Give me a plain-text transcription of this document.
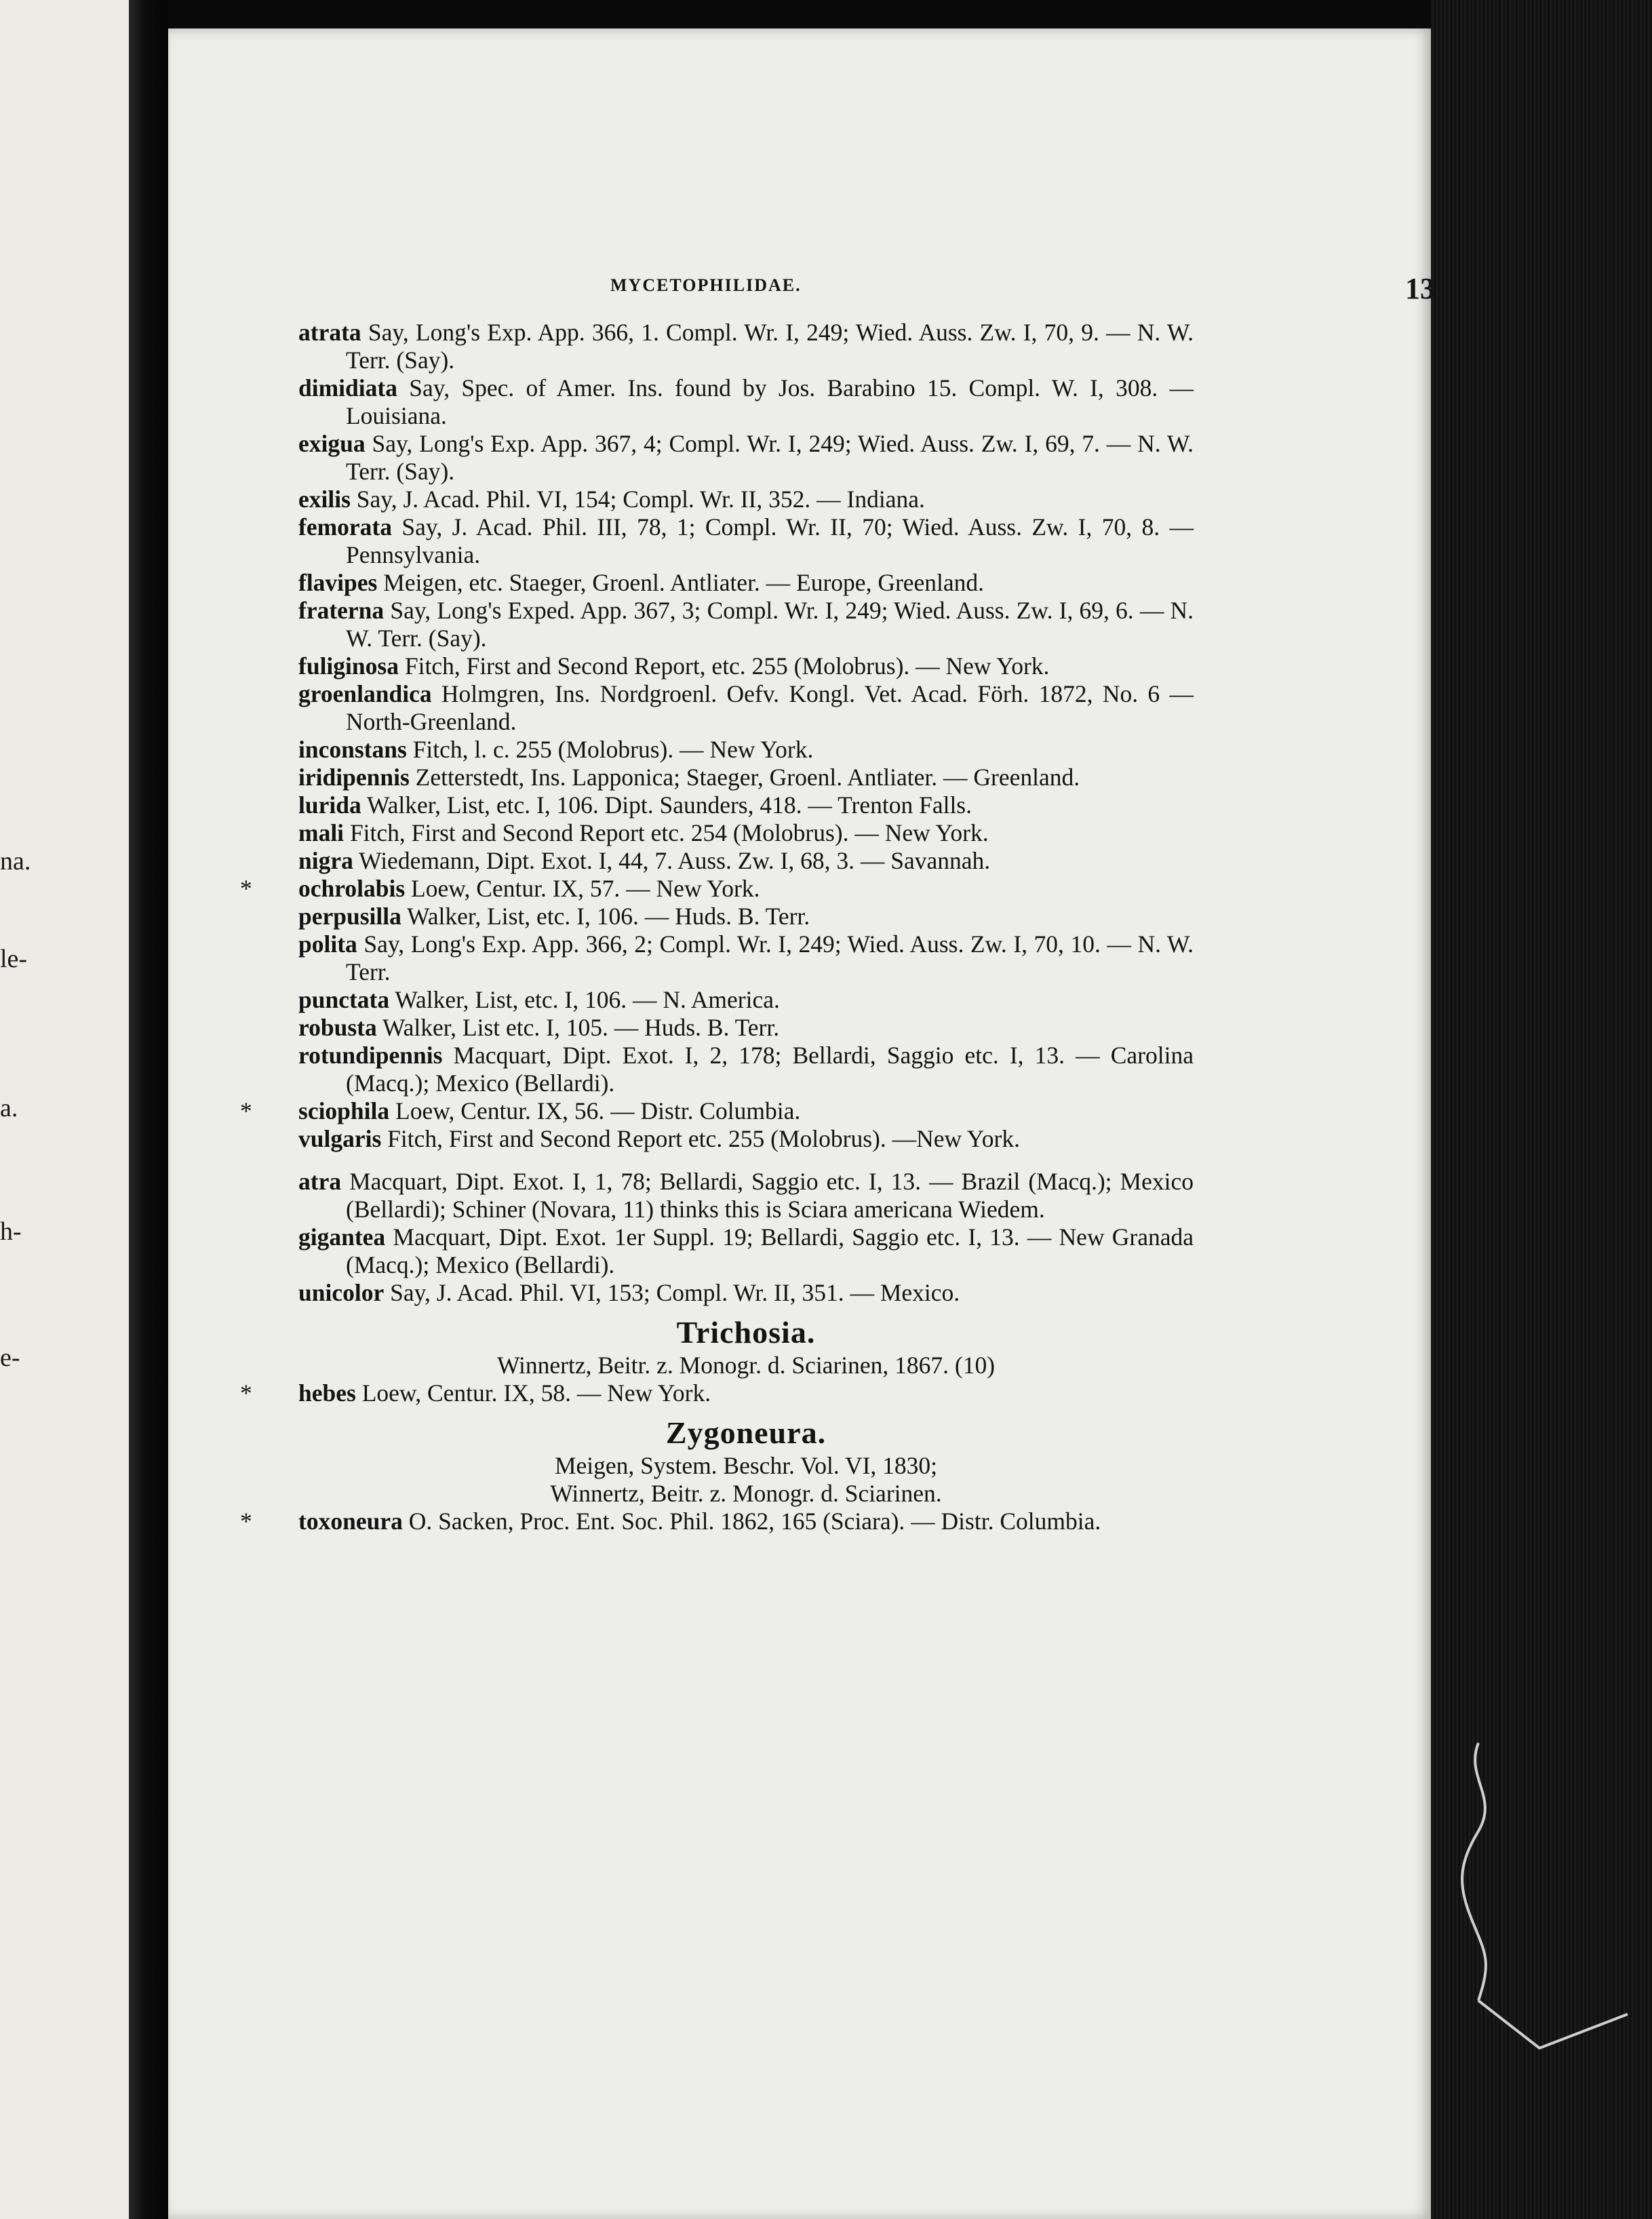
na.
le-
a.
h-
e-
MYCETOPHILIDAE.	13
atrata Say, Long's Exp. App. 366, 1. Compl. Wr. I, 249; Wied. Auss. Zw. I, 70, 9. — N. W. Terr. (Say).
dimidiata Say, Spec. of Amer. Ins. found by Jos. Barabino 15. Compl. W. I, 308. — Louisiana.
exigua Say, Long's Exp. App. 367, 4; Compl. Wr. I, 249; Wied. Auss. Zw. I, 69, 7. — N. W. Terr. (Say).
exilis Say, J. Acad. Phil. VI, 154; Compl. Wr. II, 352. — Indiana.
femorata Say, J. Acad. Phil. III, 78, 1; Compl. Wr. II, 70; Wied. Auss. Zw. I, 70, 8. — Pennsylvania.
flavipes Meigen, etc. Staeger, Groenl. Antliater. — Europe, Greenland.
fraterna Say, Long's Exped. App. 367, 3; Compl. Wr. I, 249; Wied. Auss. Zw. I, 69, 6. — N. W. Terr. (Say).
fuliginosa Fitch, First and Second Report, etc. 255 (Molobrus). — New York.
groenlandica Holmgren, Ins. Nordgroenl. Oefv. Kongl. Vet. Acad. Förh. 1872, No. 6 — North-Greenland.
inconstans Fitch, l. c. 255 (Molobrus). — New York.
iridipennis Zetterstedt, Ins. Lapponica; Staeger, Groenl. Antliater. — Greenland.
lurida Walker, List, etc. I, 106. Dipt. Saunders, 418. — Trenton Falls.
mali Fitch, First and Second Report etc. 254 (Molobrus). — New York.
nigra Wiedemann, Dipt. Exot. I, 44, 7. Auss. Zw. I, 68, 3. — Savannah.
* ochrolabis Loew, Centur. IX, 57. — New York.
perpusilla Walker, List, etc. I, 106. — Huds. B. Terr.
polita Say, Long's Exp. App. 366, 2; Compl. Wr. I, 249; Wied. Auss. Zw. I, 70, 10. — N. W. Terr.
punctata Walker, List, etc. I, 106. — N. America.
robusta Walker, List etc. I, 105. — Huds. B. Terr.
rotundipennis Macquart, Dipt. Exot. I, 2, 178; Bellardi, Saggio etc. I, 13. — Carolina (Macq.); Mexico (Bellardi).
* sciophila Loew, Centur. IX, 56. — Distr. Columbia.
vulgaris Fitch, First and Second Report etc. 255 (Molobrus). —New York.
atra Macquart, Dipt. Exot. I, 1, 78; Bellardi, Saggio etc. I, 13. — Brazil (Macq.); Mexico (Bellardi); Schiner (Novara, 11) thinks this is Sciara americana Wiedem.
gigantea Macquart, Dipt. Exot. 1er Suppl. 19; Bellardi, Saggio etc. I, 13. — New Granada (Macq.); Mexico (Bellardi).
unicolor Say, J. Acad. Phil. VI, 153; Compl. Wr. II, 351. — Mexico.
Trichosia.
Winnertz, Beitr. z. Monogr. d. Sciarinen, 1867. (10)
* hebes Loew, Centur. IX, 58. — New York.
Zygoneura.
Meigen, System. Beschr. Vol. VI, 1830;
Winnertz, Beitr. z. Monogr. d. Sciarinen.
* toxoneura O. Sacken, Proc. Ent. Soc. Phil. 1862, 165 (Sciara). — Distr. Columbia.
